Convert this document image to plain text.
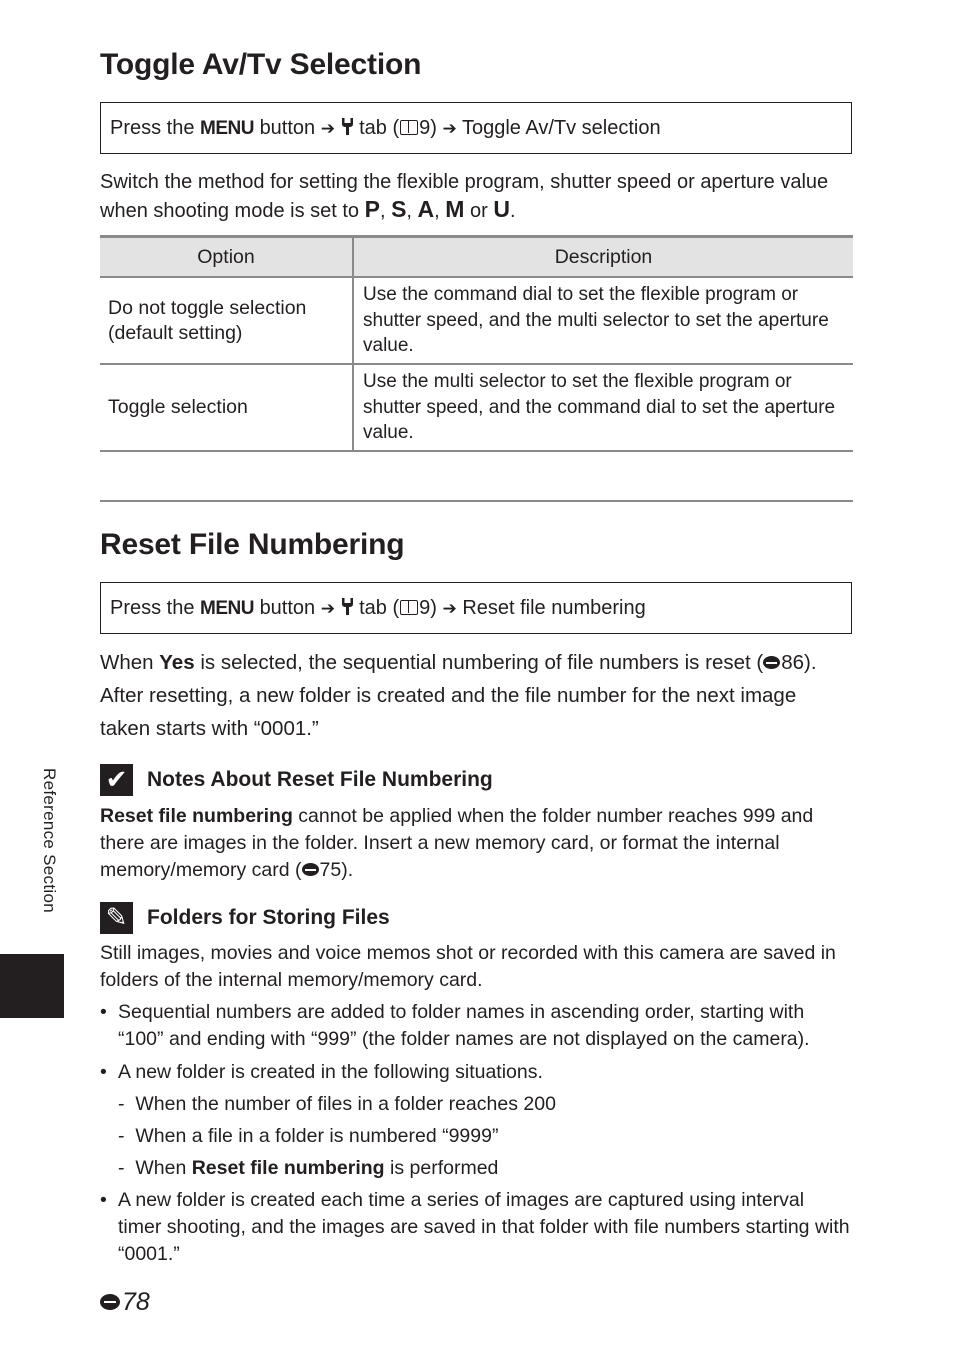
Toggle Av/Tv Selection
Press the MENU button ➔ tab ( 9) ➔ Toggle Av/Tv selection

Switch the method for setting the flexible program, shutter speed or aperture value when shooting mode is set to P, S, A, M or U.

Option	Description
Do not toggle selection (default setting)	Use the command dial to set the flexible program or shutter speed, and the multi selector to set the aperture value.
Toggle selection	Use the multi selector to set the flexible program or shutter speed, and the command dial to set the aperture value.
Reset File Numbering
Press the MENU button ➔ tab ( 9) ➔ Reset file numbering

When Yes is selected, the sequential numbering of file numbers is reset ( 86). After resetting, a new folder is created and the file number for the next image taken starts with “0001.”

✔ Notes About Reset File Numbering

Reset file numbering cannot be applied when the folder number reaches 999 and there are images in the folder. Insert a new memory card, or format the internal memory/memory card ( 75).

✎ Folders for Storing Files

Still images, movies and voice memos shot or recorded with this camera are saved in folders of the internal memory/memory card.

• Sequential numbers are added to folder names in ascending order, starting with “100” and ending with “999” (the folder names are not displayed on the camera).
• A new folder is created in the following situations.
- When the number of files in a folder reaches 200
- When a file in a folder is numbered “9999”
- When Reset file numbering is performed
• A new folder is created each time a series of images are captured using interval timer shooting, and the images are saved in that folder with file numbers starting with “0001.”
Reference Section
78
